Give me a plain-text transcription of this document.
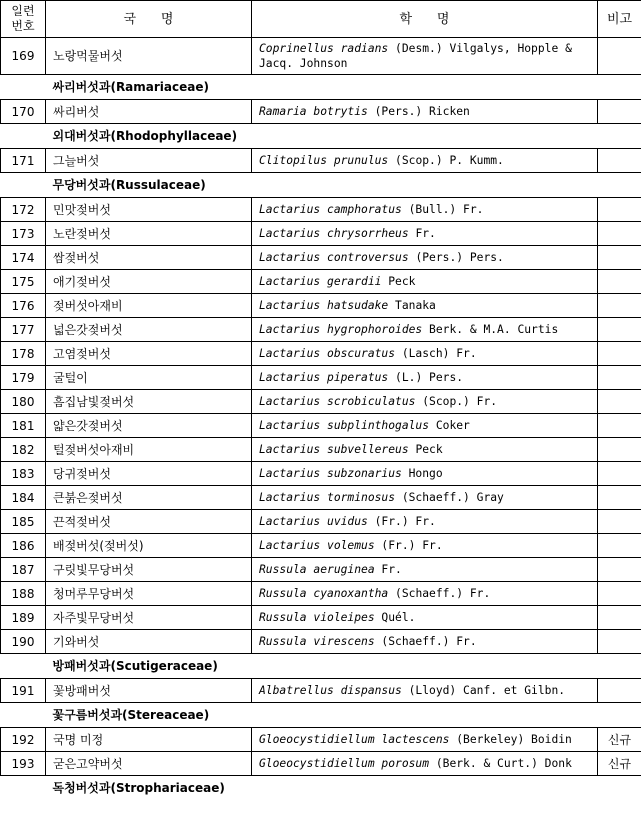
일련
번호	국      명	학      명	비고
169	노랑먹물버섯	Coprinellus radians (Desm.) Vilgalys, Hopple & Jacq. Johnson	
	싸리버섯과(Ramariaceae)		
170	싸리버섯	Ramaria botrytis (Pers.) Ricken	
	외대버섯과(Rhodophyllaceae)		
171	그늘버섯	Clitopilus prunulus (Scop.) P. Kumm.	
	무당버섯과(Russulaceae)		
172	민맛젖버섯	Lactarius camphoratus (Bull.) Fr.	
173	노란젖버섯	Lactarius chrysorrheus Fr.	
174	쌈젖버섯	Lactarius controversus (Pers.) Pers.	
175	애기젖버섯	Lactarius gerardii Peck	
176	젖버섯아재비	Lactarius hatsudake Tanaka	
177	넓은갓젖버섯	Lactarius hygrophoroides Berk. & M.A. Curtis	
178	고염젖버섯	Lactarius obscuratus (Lasch) Fr.	
179	굴털이	Lactarius piperatus (L.) Pers.	
180	흠집남빛젖버섯	Lactarius scrobiculatus (Scop.) Fr.	
181	얇은갓젖버섯	Lactarius subplinthogalus Coker	
182	털젖버섯아재비	Lactarius subvellereus Peck	
183	당귀젖버섯	Lactarius subzonarius Hongo	
184	큰붉은젖버섯	Lactarius torminosus (Schaeff.) Gray	
185	끈적젖버섯	Lactarius uvidus (Fr.) Fr.	
186	배젖버섯(젖버섯)	Lactarius volemus (Fr.) Fr.	
187	구릿빛무당버섯	Russula aeruginea Fr.	
188	청머루무당버섯	Russula cyanoxantha (Schaeff.) Fr.	
189	자주빛무당버섯	Russula violeipes Quél.	
190	기와버섯	Russula virescens (Schaeff.) Fr.	
	방패버섯과(Scutigeraceae)		
191	꽃방패버섯	Albatrellus dispansus (Lloyd) Canf. et Gilbn.	
	꽃구름버섯과(Stereaceae)		
192	국명 미정	Gloeocystidiellum lactescens (Berkeley) Boidin	신규
193	굳은고약버섯	Gloeocystidiellum porosum (Berk. & Curt.) Donk	신규
	독청버섯과(Strophariaceae)		
